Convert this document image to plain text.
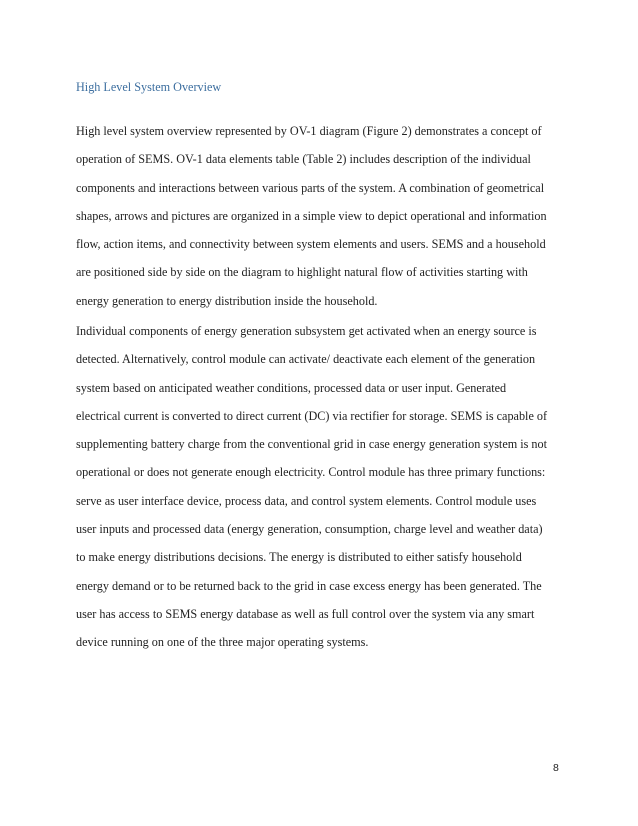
High Level System Overview

High level system overview represented by OV-1 diagram (Figure 2) demonstrates a concept of
operation of SEMS. OV-1 data elements table (Table 2) includes description of the individual
components and interactions between various parts of the system. A combination of geometrical
shapes, arrows and pictures are organized in a simple view to depict operational and information
flow, action items, and connectivity between system elements and users. SEMS and a household
are positioned side by side on the diagram to highlight natural flow of activities starting with
energy generation to energy distribution inside the household.

Individual components of energy generation subsystem get activated when an energy source is
detected. Alternatively, control module can activate/ deactivate each element of the generation
system based on anticipated weather conditions, processed data or user input. Generated
electrical current is converted to direct current (DC) via rectifier for storage. SEMS is capable of
supplementing battery charge from the conventional grid in case energy generation system is not
operational or does not generate enough electricity. Control module has three primary functions:
serve as user interface device, process data, and control system elements. Control module uses
user inputs and processed data (energy generation, consumption, charge level and weather data)
to make energy distributions decisions. The energy is distributed to either satisfy household
energy demand or to be returned back to the grid in case excess energy has been generated. The
user has access to SEMS energy database as well as full control over the system via any smart
device running on one of the three major operating systems.

8
